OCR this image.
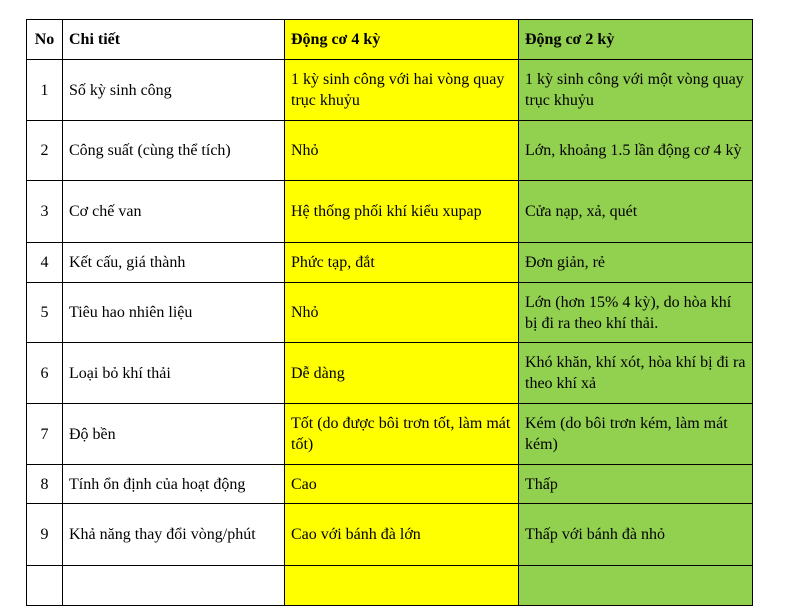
No	Chi tiết	Động cơ 4 kỳ	Động cơ 2 kỳ
1	Số kỳ sinh công	1 kỳ sinh công với hai vòng quay trục khuỷu	1 kỳ sinh công với một vòng quay trục khuỷu
2	Công suất (cùng thể tích)	Nhỏ	Lớn, khoảng 1.5 lần động cơ 4 kỳ
3	Cơ chế van	Hệ thống phối khí kiểu xupap	Cửa nạp, xả, quét
4	Kết cấu, giá thành	Phức tạp, đắt	Đơn giản, rẻ
5	Tiêu hao nhiên liệu	Nhỏ	Lớn (hơn 15% 4 kỳ), do hòa khí bị đi ra theo khí thải.
6	Loại bỏ khí thải	Dễ dàng	Khó khăn, khí xót, hòa khí bị đi ra theo khí xả
7	Độ bền	Tốt (do được bôi trơn tốt, làm mát tốt)	Kém (do bôi trơn kém, làm mát kém)
8	Tính ổn định của hoạt động	Cao	Thấp
9	Khả năng thay đổi vòng/phút	Cao với bánh đà lớn	Thấp với bánh đà nhỏ
